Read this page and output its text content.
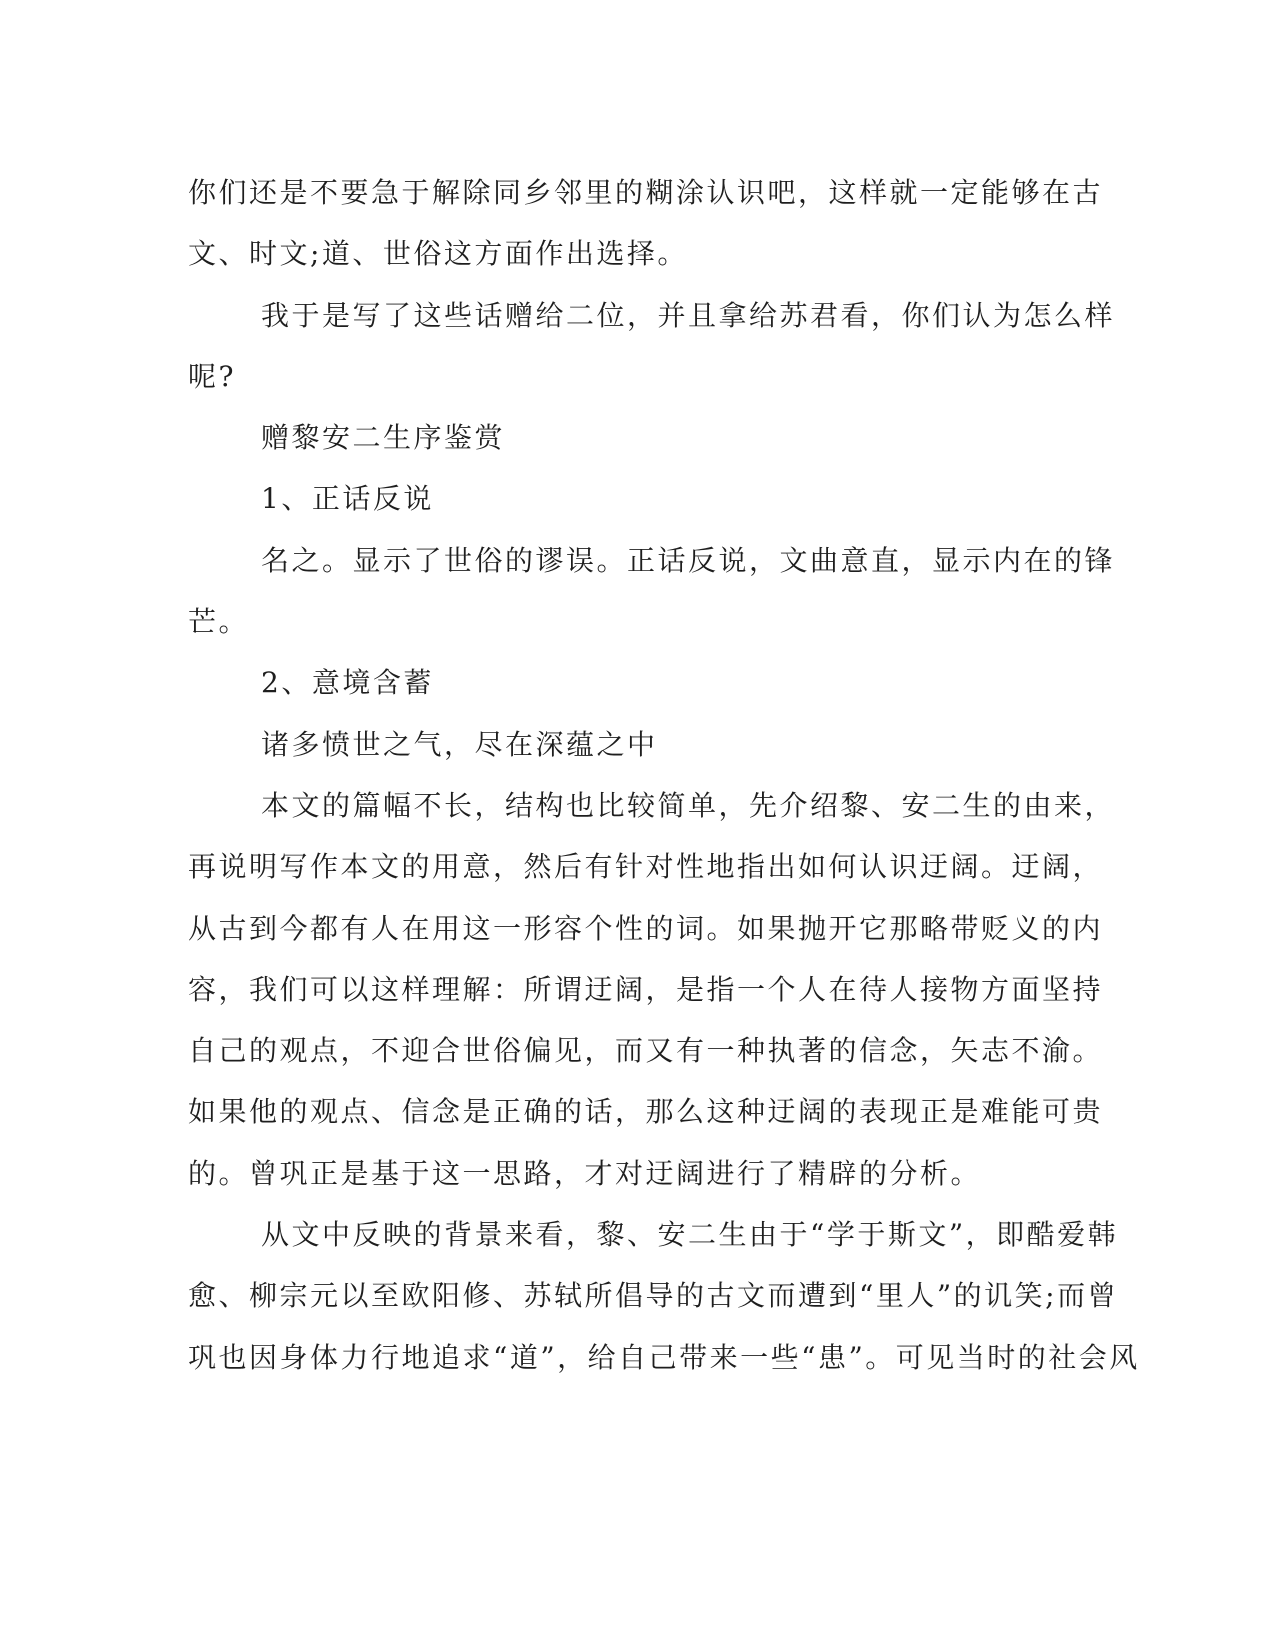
你们还是不要急于解除同乡邻里的糊涂认识吧，这样就一定能够在古
文、时文;道、世俗这方面作出选择。
我于是写了这些话赠给二位，并且拿给苏君看，你们认为怎么样
呢?
赠黎安二生序鉴赏
1、正话反说
名之。显示了世俗的谬误。正话反说，文曲意直，显示内在的锋
芒。
2、意境含蓄
诸多愤世之气，尽在深蕴之中
本文的篇幅不长，结构也比较简单，先介绍黎、安二生的由来，
再说明写作本文的用意，然后有针对性地指出如何认识迂阔。迂阔，
从古到今都有人在用这一形容个性的词。如果抛开它那略带贬义的内
容，我们可以这样理解：所谓迂阔，是指一个人在待人接物方面坚持
自己的观点，不迎合世俗偏见，而又有一种执著的信念，矢志不渝。
如果他的观点、信念是正确的话，那么这种迂阔的表现正是难能可贵
的。曾巩正是基于这一思路，才对迂阔进行了精辟的分析。
从文中反映的背景来看，黎、安二生由于“学于斯文”，即酷爱韩
愈、柳宗元以至欧阳修、苏轼所倡导的古文而遭到“里人”的讥笑;而曾
巩也因身体力行地追求“道”，给自己带来一些“患”。可见当时的社会风
